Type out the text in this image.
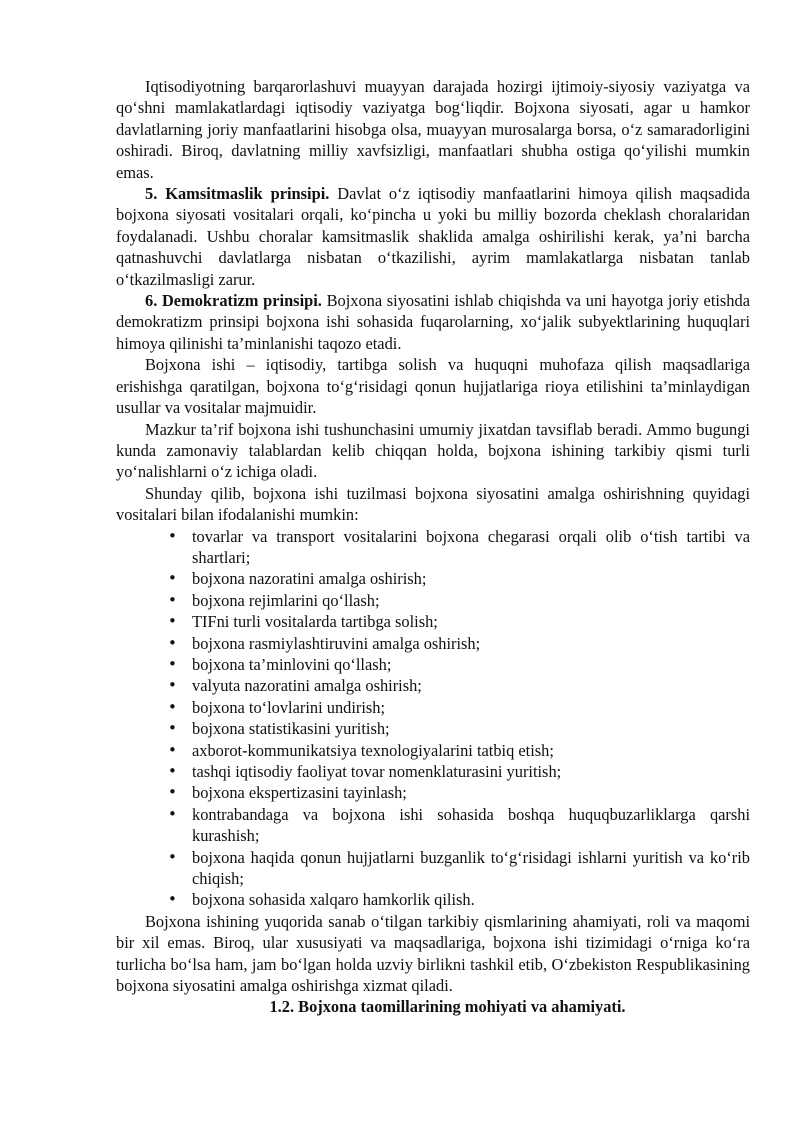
Iqtisodiyotning barqarorlashuvi muayyan darajada hozirgi ijtimoiy-siyosiy vaziyatga va qo‘shni mamlakatlardagi iqtisodiy vaziyatga bog‘liqdir. Bojxona siyosati, agar u hamkor davlatlarning joriy manfaatlarini hisobga olsa, muayyan murosalarga borsa, o‘z samaradorligini oshiradi. Biroq, davlatning milliy xavfsizligi, manfaatlari shubha ostiga qo‘yilishi mumkin emas.

5. Kamsitmaslik prinsipi. Davlat o‘z iqtisodiy manfaatlarini himoya qilish maqsadida bojxona siyosati vositalari orqali, ko‘pincha u yoki bu milliy bozorda cheklash choralaridan foydalanadi. Ushbu choralar kamsitmaslik shaklida amalga oshirilishi kerak, ya’ni barcha qatnashuvchi davlatlarga nisbatan o‘tkazilishi, ayrim mamlakatlarga nisbatan tanlab o‘tkazilmasligi zarur.

6. Demokratizm prinsipi. Bojxona siyosatini ishlab chiqishda va uni hayotga joriy etishda demokratizm prinsipi bojxona ishi sohasida fuqarolarning, xo‘jalik subyektlarining huquqlari himoya qilinishi ta’minlanishi taqozo etadi.

Bojxona ishi – iqtisodiy, tartibga solish va huquqni muhofaza qilish maqsadlariga erishishga qaratilgan, bojxona to‘g‘risidagi qonun hujjatlariga rioya etilishini ta’minlaydigan usullar va vositalar majmuidir.

Mazkur ta’rif bojxona ishi tushunchasini umumiy jixatdan tavsiflab beradi. Ammo bugungi kunda zamonaviy talablardan kelib chiqqan holda, bojxona ishining tarkibiy qismi turli yo‘nalishlarni o‘z ichiga oladi.

Shunday qilib, bojxona ishi tuzilmasi bojxona siyosatini amalga oshirishning quyidagi vositalari bilan ifodalanishi mumkin:

• tovarlar va transport vositalarini bojxona chegarasi orqali olib o‘tish tartibi va shartlari;
• bojxona nazoratini amalga oshirish;
• bojxona rejimlarini qo‘llash;
• TIFni turli vositalarda tartibga solish;
• bojxona rasmiylashtiruvini amalga oshirish;
• bojxona ta’minlovini qo‘llash;
• valyuta nazoratini amalga oshirish;
• bojxona to‘lovlarini undirish;
• bojxona statistikasini yuritish;
• axborot-kommunikatsiya texnologiyalarini tatbiq etish;
• tashqi iqtisodiy faoliyat tovar nomenklaturasini yuritish;
• bojxona ekspertizasini tayinlash;
• kontrabandaga va bojxona ishi sohasida boshqa huquqbuzarliklarga qarshi kurashish;
• bojxona haqida qonun hujjatlarni buzganlik to‘g‘risidagi ishlarni yuritish va ko‘rib chiqish;
• bojxona sohasida xalqaro hamkorlik qilish.

Bojxona ishining yuqorida sanab o‘tilgan tarkibiy qismlarining ahamiyati, roli va maqomi bir xil emas. Biroq, ular xususiyati va maqsadlariga, bojxona ishi tizimidagi o‘rniga ko‘ra turlicha bo‘lsa ham, jam bo‘lgan holda uzviy birlikni tashkil etib, O‘zbekiston Respublikasining bojxona siyosatini amalga oshirishga xizmat qiladi.

1.2. Bojxona taomillarining mohiyati va ahamiyati.
